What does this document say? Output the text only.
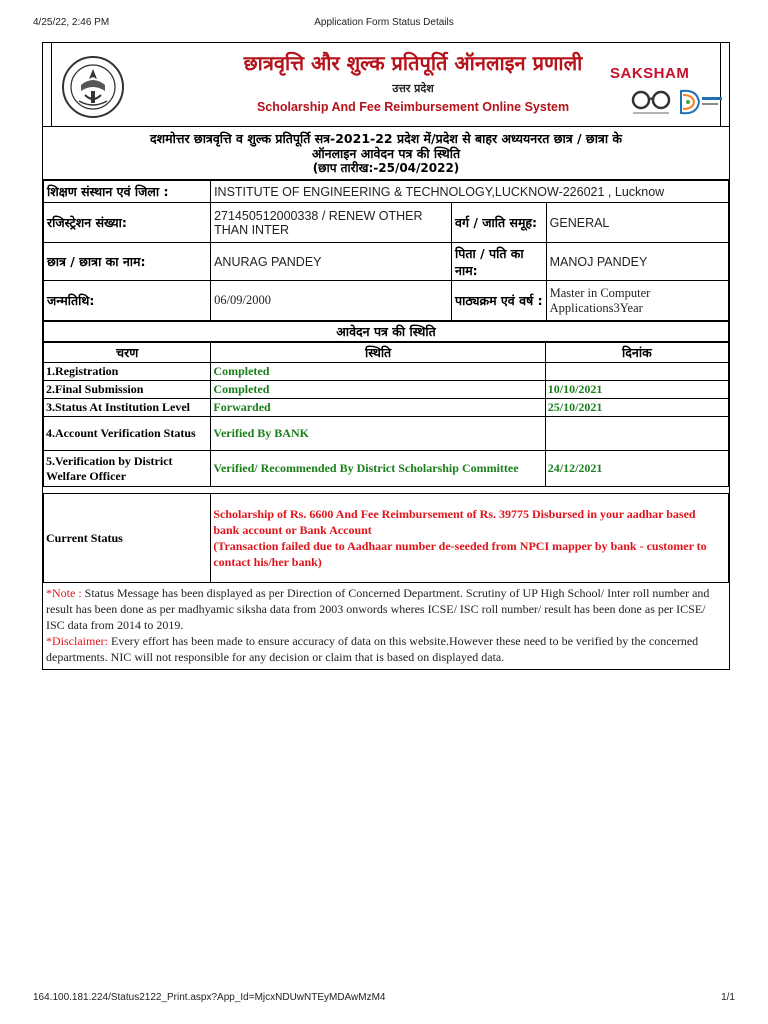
4/25/22, 2:46 PM	Application Form Status Details
छात्रवृत्ति और शुल्क प्रतिपूर्ति ऑनलाइन प्रणाली
उत्तर प्रदेश
Scholarship And Fee Reimbursement Online System
SAKSHAM
दशमोत्तर छात्रवृत्ति व शुल्क प्रतिपूर्ति सत्र-2021-22 प्रदेश में/प्रदेश से बाहर अध्ययनरत छात्र / छात्रा के
ऑनलाइन आवेदन पत्र की स्थिति
(छाप तारीख:-25/04/2022)
शिक्षण संस्थान एवं जिला :	INSTITUTE OF ENGINEERING & TECHNOLOGY,LUCKNOW-226021 , Lucknow		
रजिस्ट्रेशन संख्या:	271450512000338 / RENEW OTHER THAN INTER	वर्ग / जाति समूह:	GENERAL
छात्र / छात्रा का नाम:	ANURAG PANDEY	पिता / पति का नाम:	MANOJ PANDEY
जन्मतिथि:	06/09/2000	पाठ्यक्रम एवं वर्ष :	Master in Computer Applications3Year
आवेदन पत्र की स्थिति
चरण	स्थिति	दिनांक
1.Registration	Completed	
2.Final Submission	Completed	10/10/2021
3.Status At Institution Level	Forwarded	25/10/2021
4.Account Verification Status	Verified By BANK	
5.Verification by District Welfare Officer	Verified/ Recommended By District Scholarship Committee	24/12/2021
Current Status	
Scholarship of Rs. 6600 And Fee Reimbursement of Rs. 39775 Disbursed in your aadhar based bank account or Bank Account
(Transaction failed due to Aadhaar number de-seeded from NPCI mapper by bank - customer to contact his/her bank)
*Note : Status Message has been displayed as per Direction of Concerned Department. Scrutiny of UP High School/ Inter roll number and result has been done as per madhyamic siksha data from 2003 onwords wheres ICSE/ ISC roll number/ result has been done as per ICSE/ ISC data from 2014 to 2019.
*Disclaimer: Every effort has been made to ensure accuracy of data on this website.However these need to be verified by the concerned departments. NIC will not responsible for any decision or claim that is based on displayed data.
164.100.181.224/Status2122_Print.aspx?App_Id=MjcxNDUwNTEyMDAwMzM4	1/1
